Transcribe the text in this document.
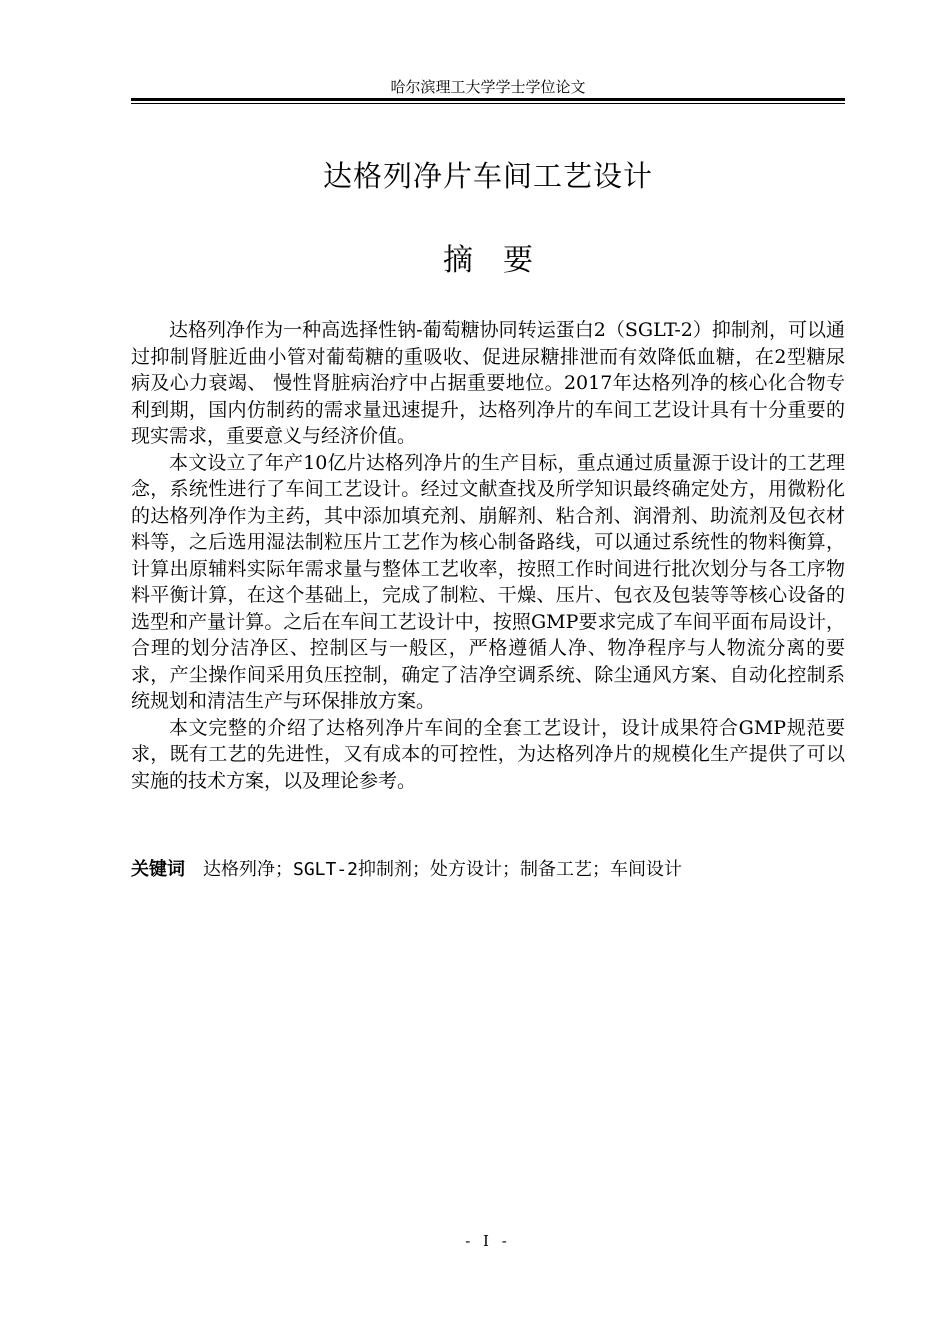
哈尔滨理工大学学士学位论文
达格列净片车间工艺设计
摘要

达格列净作为一种高选择性钠-葡萄糖协同转运蛋白2（SGLT-2）抑制剂，可以通过抑制肾脏近曲小管对葡萄糖的重吸收、促进尿糖排泄而有效降低血糖，在2型糖尿病及心力衰竭、 慢性肾脏病治疗中占据重要地位。2017年达格列净的核心化合物专利到期，国内仿制药的需求量迅速提升，达格列净片的车间工艺设计具有十分重要的现实需求，重要意义与经济价值。

本文设立了年产10亿片达格列净片的生产目标，重点通过质量源于设计的工艺理念，系统性进行了车间工艺设计。经过文献查找及所学知识最终确定处方，用微粉化的达格列净作为主药，其中添加填充剂、崩解剂、粘合剂、润滑剂、助流剂及包衣材料等，之后选用湿法制粒压片工艺作为核心制备路线，可以通过系统性的物料衡算，计算出原辅料实际年需求量与整体工艺收率，按照工作时间进行批次划分与各工序物料平衡计算，在这个基础上，完成了制粒、干燥、压片、包衣及包装等等核心设备的选型和产量计算。之后在车间工艺设计中，按照GMP要求完成了车间平面布局设计，合理的划分洁净区、控制区与一般区，严格遵循人净、物净程序与人物流分离的要求，产尘操作间采用负压控制，确定了洁净空调系统、除尘通风方案、自动化控制系统规划和清洁生产与环保排放方案。

本文完整的介绍了达格列净片车间的全套工艺设计，设计成果符合GMP规范要求，既有工艺的先进性，又有成本的可控性，为达格列净片的规模化生产提供了可以实施的技术方案，以及理论参考。

关键词 达格列净；SGLT-2抑制剂；处方设计；制备工艺；车间设计
- I -
